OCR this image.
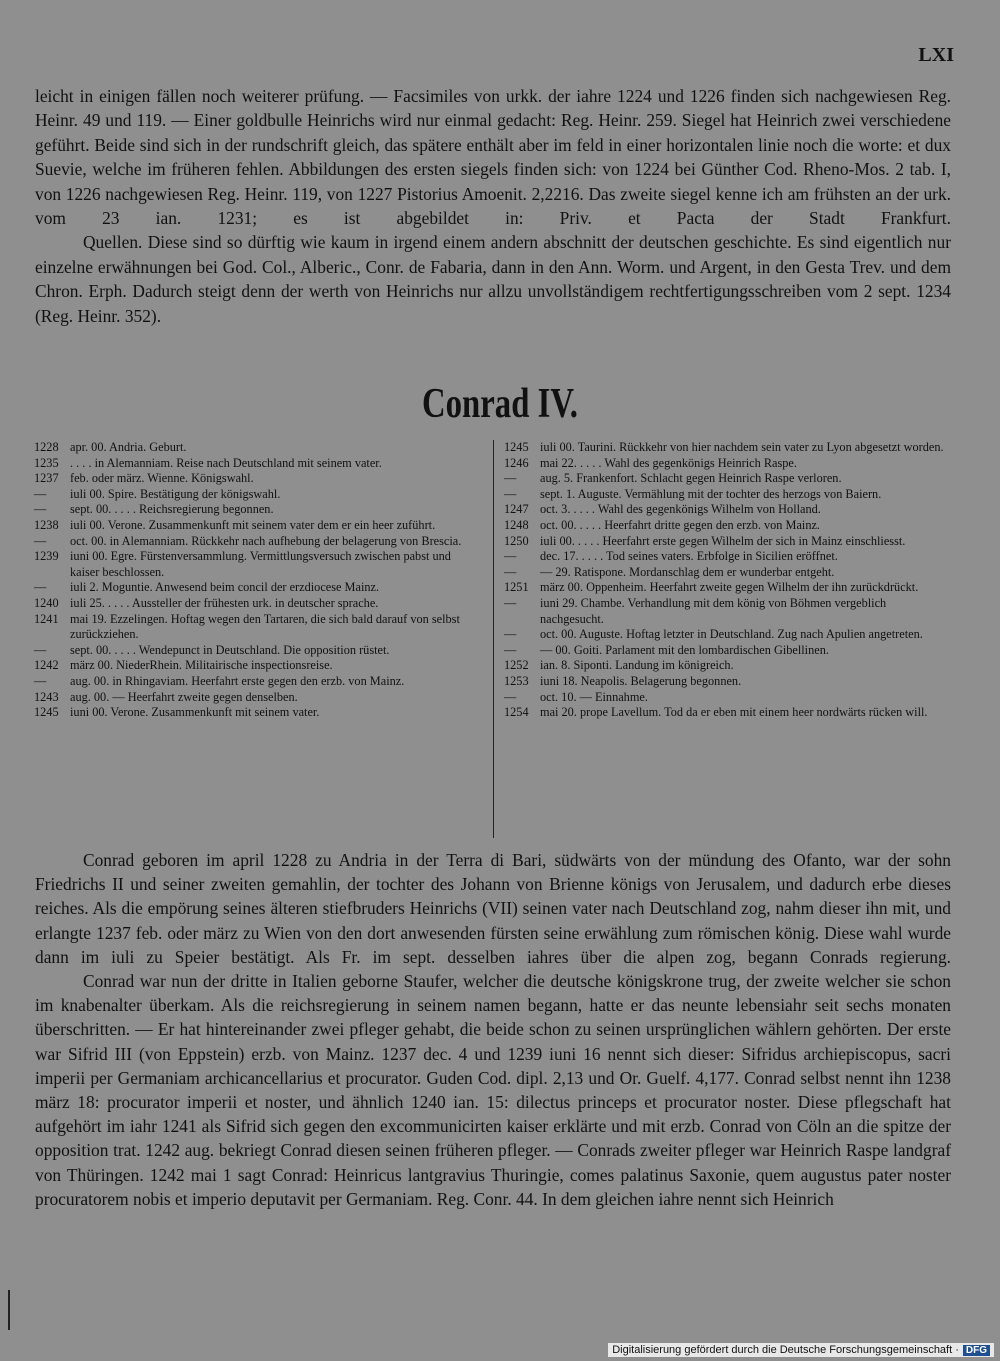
LXI

leicht in einigen fällen noch weiterer prüfung. — Facsimiles von urkk. der iahre 1224 und 1226 finden sich nachgewiesen Reg. Heinr. 49 und 119. — Einer goldbulle Heinrichs wird nur einmal gedacht: Reg. Heinr. 259. Siegel hat Heinrich zwei verschiedene geführt. Beide sind sich in der rundschrift gleich, das spätere enthält aber im feld in einer horizontalen linie noch die worte: et dux Suevie, welche im früheren fehlen. Abbildungen des ersten siegels finden sich: von 1224 bei Günther Cod. Rheno-Mos. 2 tab. I, von 1226 nachgewiesen Reg. Heinr. 119, von 1227 Pistorius Amoenit. 2,2216. Das zweite siegel kenne ich am frühsten an der urk. vom 23 ian. 1231; es ist abgebildet in: Priv. et Pacta der Stadt Frankfurt.

Quellen. Diese sind so dürftig wie kaum in irgend einem andern abschnitt der deutschen geschichte. Es sind eigentlich nur einzelne erwähnungen bei God. Col., Alberic., Conr. de Fabaria, dann in den Ann. Worm. und Argent, in den Gesta Trev. und dem Chron. Erph. Dadurch steigt denn der werth von Heinrichs nur allzu unvollständigem rechtfertigungsschreiben vom 2 sept. 1234 (Reg. Heinr. 352).

Conrad IV.
1228 apr. 00. Andria. Geburt.
1235 . . . . in Alemanniam. Reise nach Deutschland mit seinem vater.
1237 feb. oder märz. Wienne. Königswahl.
—	iuli 00. Spire. Bestätigung der königswahl.
—	sept. 00. . . . . Reichsregierung begonnen.
1238 iuli 00. Verone. Zusammenkunft mit seinem vater dem er ein heer zuführt.
—	oct. 00. in Alemanniam. Rückkehr nach aufhebung der belagerung von Brescia.
1239 iuni 00. Egre. Fürstenversammlung. Vermittlungsversuch zwischen pabst und kaiser beschlossen.
—	iuli 2. Moguntie. Anwesend beim concil der erzdiocese Mainz.
1240 iuli 25. . . . . Aussteller der frühesten urk. in deutscher sprache.
1241 mai 19. Ezzelingen. Hoftag wegen den Tartaren, die sich bald darauf von selbst zurückziehen.
—	sept. 00. . . . . Wendepunct in Deutschland. Die opposition rüstet.
1242 märz 00. NiederRhein. Militairische inspectionsreise.
—	aug. 00. in Rhingaviam. Heerfahrt erste gegen den erzb. von Mainz.
1243 aug. 00. — Heerfahrt zweite gegen denselben.
1245 iuni 00. Verone. Zusammenkunft mit seinem vater.
1245 iuli 00. Taurini. Rückkehr von hier nachdem sein vater zu Lyon abgesetzt worden.
1246 mai 22. . . . . Wahl des gegenkönigs Heinrich Raspe.
—	aug. 5. Frankenfort. Schlacht gegen Heinrich Raspe verloren.
—	sept. 1. Auguste. Vermählung mit der tochter des herzogs von Baiern.
1247 oct. 3. . . . . Wahl des gegenkönigs Wilhelm von Holland.
1248 oct. 00. . . . . Heerfahrt dritte gegen den erzb. von Mainz.
1250 iuli 00. . . . . Heerfahrt erste gegen Wilhelm der sich in Mainz einschliesst.
—	dec. 17. . . . . Tod seines vaters. Erbfolge in Sicilien eröffnet.
—	— 29. Ratispone. Mordanschlag dem er wunderbar entgeht.
1251 märz 00. Oppenheim. Heerfahrt zweite gegen Wilhelm der ihn zurückdrückt.
—	iuni 29. Chambe. Verhandlung mit dem könig von Böhmen vergeblich nachgesucht.
—	oct. 00. Auguste. Hoftag letzter in Deutschland. Zug nach Apulien angetreten.
—	— 00. Goiti. Parlament mit den lombardischen Gibellinen.
1252 ian. 8. Siponti. Landung im königreich.
1253 iuni 18. Neapolis. Belagerung begonnen.
—	oct. 10. — Einnahme.
1254 mai 20. prope Lavellum. Tod da er eben mit einem heer nordwärts rücken will.

Conrad geboren im april 1228 zu Andria in der Terra di Bari, südwärts von der mündung des Ofanto, war der sohn Friedrichs II und seiner zweiten gemahlin, der tochter des Johann von Brienne königs von Jerusalem, und dadurch erbe dieses reiches. Als die empörung seines älteren stiefbruders Heinrichs (VII) seinen vater nach Deutschland zog, nahm dieser ihn mit, und erlangte 1237 feb. oder märz zu Wien von den dort anwesenden fürsten seine erwählung zum römischen könig. Diese wahl wurde dann im iuli zu Speier bestätigt. Als Fr. im sept. desselben iahres über die alpen zog, begann Conrads regierung.

Conrad war nun der dritte in Italien geborne Staufer, welcher die deutsche königskrone trug, der zweite welcher sie schon im knabenalter überkam. Als die reichsregierung in seinem namen begann, hatte er das neunte lebensiahr seit sechs monaten überschritten. — Er hat hintereinander zwei pfleger gehabt, die beide schon zu seinen ursprünglichen wählern gehörten. Der erste war Sifrid III (von Eppstein) erzb. von Mainz. 1237 dec. 4 und 1239 iuni 16 nennt sich dieser: Sifridus archiepiscopus, sacri imperii per Germaniam archicancellarius et procurator. Guden Cod. dipl. 2,13 und Or. Guelf. 4,177. Conrad selbst nennt ihn 1238 märz 18: procurator imperii et noster, und ähnlich 1240 ian. 15: dilectus princeps et procurator noster. Diese pflegschaft hat aufgehört im iahr 1241 als Sifrid sich gegen den excommunicirten kaiser erklärte und mit erzb. Conrad von Cöln an die spitze der opposition trat. 1242 aug. bekriegt Conrad diesen seinen früheren pfleger. — Conrads zweiter pfleger war Heinrich Raspe landgraf von Thüringen. 1242 mai 1 sagt Conrad: Heinricus lantgravius Thuringie, comes palatinus Saxonie, quem augustus pater noster procuratorem nobis et imperio deputavit per Germaniam. Reg. Conr. 44. In dem gleichen iahre nennt sich Heinrich

Digitalisierung gefördert durch die Deutsche Forschungsgemeinschaft · DFG
